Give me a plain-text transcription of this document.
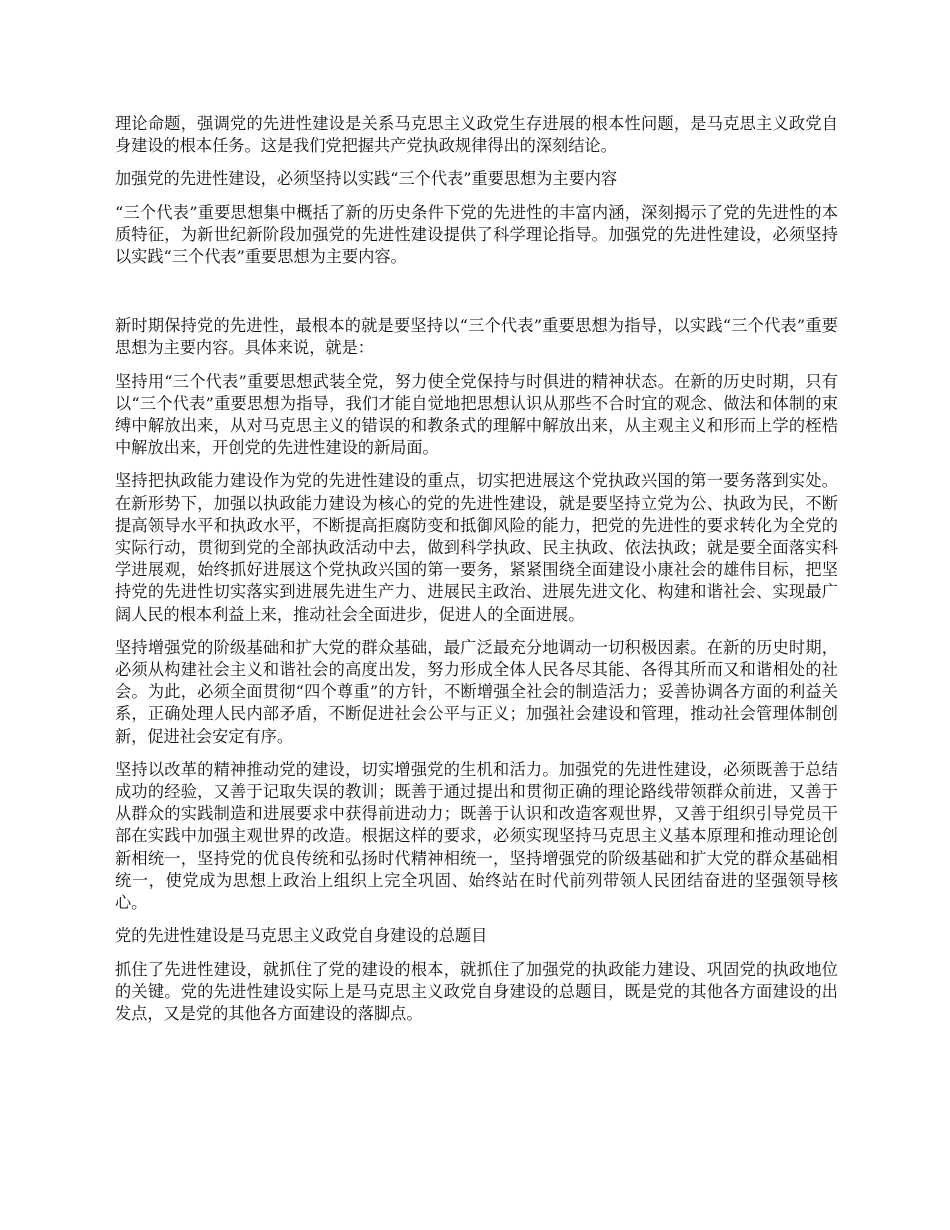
理论命题，强调党的先进性建设是关系马克思主义政党生存进展的根本性问题，是马克思主义政党自身建设的根本任务。这是我们党把握共产党执政规律得出的深刻结论。

加强党的先进性建设，必须坚持以实践“三个代表”重要思想为主要内容

“三个代表”重要思想集中概括了新的历史条件下党的先进性的丰富内涵，深刻揭示了党的先进性的本质特征，为新世纪新阶段加强党的先进性建设提供了科学理论指导。加强党的先进性建设，必须坚持以实践“三个代表”重要思想为主要内容。

新时期保持党的先进性，最根本的就是要坚持以“三个代表”重要思想为指导，以实践“三个代表”重要思想为主要内容。具体来说，就是：

坚持用“三个代表”重要思想武装全党，努力使全党保持与时俱进的精神状态。在新的历史时期，只有以“三个代表”重要思想为指导，我们才能自觉地把思想认识从那些不合时宜的观念、做法和体制的束缚中解放出来，从对马克思主义的错误的和教条式的理解中解放出来，从主观主义和形而上学的桎梏中解放出来，开创党的先进性建设的新局面。

坚持把执政能力建设作为党的先进性建设的重点，切实把进展这个党执政兴国的第一要务落到实处。在新形势下，加强以执政能力建设为核心的党的先进性建设，就是要坚持立党为公、执政为民，不断提高领导水平和执政水平，不断提高拒腐防变和抵御风险的能力，把党的先进性的要求转化为全党的实际行动，贯彻到党的全部执政活动中去，做到科学执政、民主执政、依法执政；就是要全面落实科学进展观，始终抓好进展这个党执政兴国的第一要务，紧紧围绕全面建设小康社会的雄伟目标，把坚持党的先进性切实落实到进展先进生产力、进展民主政治、进展先进文化、构建和谐社会、实现最广阔人民的根本利益上来，推动社会全面进步，促进人的全面进展。

坚持增强党的阶级基础和扩大党的群众基础，最广泛最充分地调动一切积极因素。在新的历史时期，必须从构建社会主义和谐社会的高度出发，努力形成全体人民各尽其能、各得其所而又和谐相处的社会。为此，必须全面贯彻“四个尊重”的方针，不断增强全社会的制造活力；妥善协调各方面的利益关系，正确处理人民内部矛盾，不断促进社会公平与正义；加强社会建设和管理，推动社会管理体制创新，促进社会安定有序。

坚持以改革的精神推动党的建设，切实增强党的生机和活力。加强党的先进性建设，必须既善于总结成功的经验，又善于记取失误的教训；既善于通过提出和贯彻正确的理论路线带领群众前进，又善于从群众的实践制造和进展要求中获得前进动力；既善于认识和改造客观世界，又善于组织引导党员干部在实践中加强主观世界的改造。根据这样的要求，必须实现坚持马克思主义基本原理和推动理论创新相统一，坚持党的优良传统和弘扬时代精神相统一，坚持增强党的阶级基础和扩大党的群众基础相统一，使党成为思想上政治上组织上完全巩固、始终站在时代前列带领人民团结奋进的坚强领导核心。

党的先进性建设是马克思主义政党自身建设的总题目

抓住了先进性建设，就抓住了党的建设的根本，就抓住了加强党的执政能力建设、巩固党的执政地位的关键。党的先进性建设实际上是马克思主义政党自身建设的总题目，既是党的其他各方面建设的出发点，又是党的其他各方面建设的落脚点。
